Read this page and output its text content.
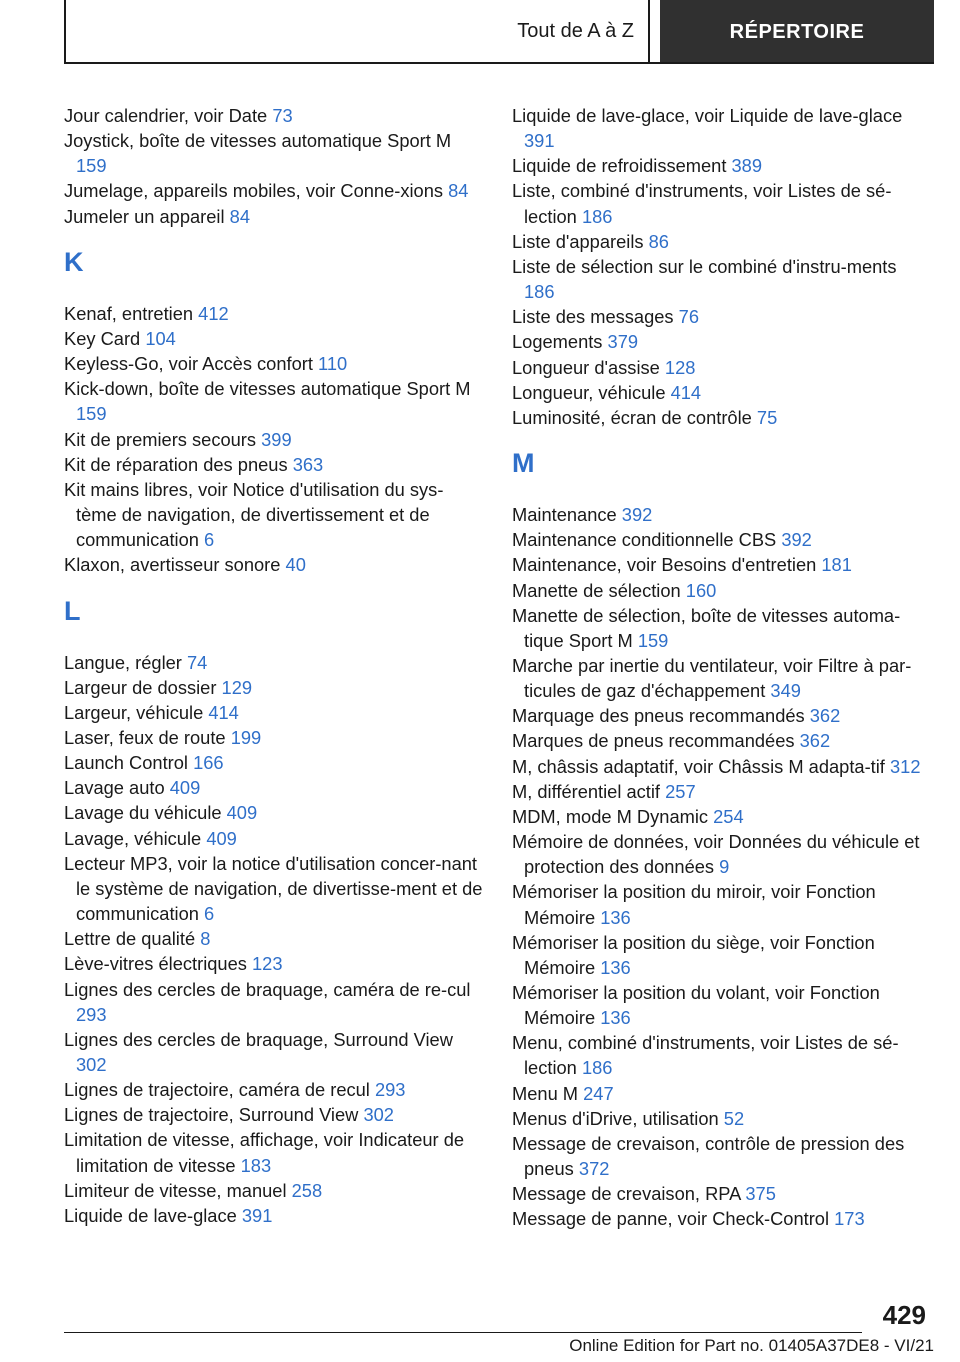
Tout de A à Z	RÉPERTOIRE
Jour calendrier, voir Date 73
Joystick, boîte de vitesses automatique Sport M 159
Jumelage, appareils mobiles, voir Conne‐xions 84
Jumeler un appareil 84
K
Kenaf, entretien 412
Key Card 104
Keyless-Go, voir Accès confort 110
Kick-down, boîte de vitesses automatique Sport M 159
Kit de premiers secours 399
Kit de réparation des pneus 363
Kit mains libres, voir Notice d'utilisation du sys‐tème de navigation, de divertissement et de communication 6
Klaxon, avertisseur sonore 40
L
Langue, régler 74
Largeur de dossier 129
Largeur, véhicule 414
Laser, feux de route 199
Launch Control 166
Lavage auto 409
Lavage du véhicule 409
Lavage, véhicule 409
Lecteur MP3, voir la notice d'utilisation concer‐nant le système de navigation, de divertisse‐ment et de communication 6
Lettre de qualité 8
Lève-vitres électriques 123
Lignes des cercles de braquage, caméra de re‐cul 293
Lignes des cercles de braquage, Surround View 302
Lignes de trajectoire, caméra de recul 293
Lignes de trajectoire, Surround View 302
Limitation de vitesse, affichage, voir Indicateur de limitation de vitesse 183
Limiteur de vitesse, manuel 258
Liquide de lave-glace 391
Liquide de lave-glace, voir Liquide de lave-glace 391
Liquide de refroidissement 389
Liste, combiné d'instruments, voir Listes de sé‐lection 186
Liste d'appareils 86
Liste de sélection sur le combiné d'instru‐ments 186
Liste des messages 76
Logements 379
Longueur d'assise 128
Longueur, véhicule 414
Luminosité, écran de contrôle 75
M
Maintenance 392
Maintenance conditionnelle CBS 392
Maintenance, voir Besoins d'entretien 181
Manette de sélection 160
Manette de sélection, boîte de vitesses automa‐tique Sport M 159
Marche par inertie du ventilateur, voir Filtre à par‐ticules de gaz d'échappement 349
Marquage des pneus recommandés 362
Marques de pneus recommandées 362
M, châssis adaptatif, voir Châssis M adapta‐tif 312
M, différentiel actif 257
MDM, mode M Dynamic 254
Mémoire de données, voir Données du véhicule et protection des données 9
Mémoriser la position du miroir, voir Fonction Mémoire 136
Mémoriser la position du siège, voir Fonction Mémoire 136
Mémoriser la position du volant, voir Fonction Mémoire 136
Menu, combiné d'instruments, voir Listes de sé‐lection 186
Menu M 247
Menus d'iDrive, utilisation 52
Message de crevaison, contrôle de pression des pneus 372
Message de crevaison, RPA 375
Message de panne, voir Check-Control 173
429
Online Edition for Part no. 01405A37DE8 - VI/21
